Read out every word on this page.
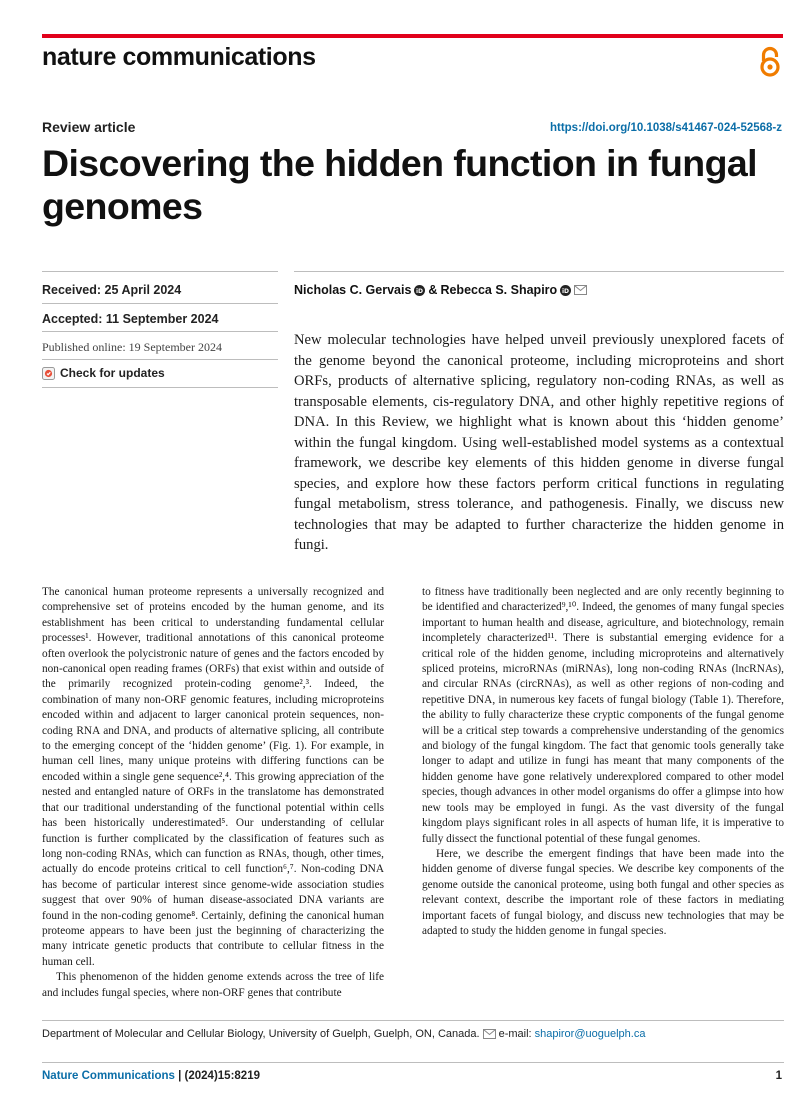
nature communications
Review article	https://doi.org/10.1038/s41467-024-52568-z
Discovering the hidden function in fungal genomes
Received: 25 April 2024
Accepted: 11 September 2024
Published online: 19 September 2024
Check for updates
Nicholas C. Gervais iD & Rebecca S. Shapiro iD

New molecular technologies have helped unveil previously unexplored facets of the genome beyond the canonical proteome, including microproteins and short ORFs, products of alternative splicing, regulatory non-coding RNAs, as well as transposable elements, cis-regulatory DNA, and other highly repetitive regions of DNA. In this Review, we highlight what is known about this ‘hidden genome’ within the fungal kingdom. Using well-established model systems as a contextual framework, we describe key elements of this hidden genome in diverse fungal species, and explore how these factors perform critical functions in regulating fungal metabolism, stress tolerance, and pathogenesis. Finally, we discuss new technologies that may be adapted to further characterize the hidden genome in fungi.

The canonical human proteome represents a universally recognized and comprehensive set of proteins encoded by the human genome, and its establishment has been critical to understanding fundamental cellular processes¹. However, traditional annotations of this canonical proteome often overlook the polycistronic nature of genes and the factors encoded by non-canonical open reading frames (ORFs) that exist within and outside of the primarily recognized protein-coding genome²,³. Indeed, the combination of many non-ORF genomic features, including microproteins encoded within and adjacent to larger canonical protein sequences, non-coding RNA and DNA, and products of alternative splicing, all contribute to the emerging concept of the ‘hidden genome’ (Fig. 1). For example, in human cell lines, many unique proteins with differing functions can be encoded within a single gene sequence²,⁴. This growing appreciation of the nested and entangled nature of ORFs in the translatome has demonstrated that our traditional understanding of the functional potential within cells has been historically underestimated⁵. Our understanding of cellular function is further complicated by the classification of features such as long non-coding RNAs, which can function as RNAs, though, other times, actually do encode proteins critical to cell function⁶,⁷. Non-coding DNA has become of particular interest since genome-wide association studies suggest that over 90% of human disease-associated DNA variants are found in the non-coding genome⁸. Certainly, defining the canonical human proteome appears to have been just the beginning of characterizing the many intricate genetic products that contribute to cellular fitness in the human cell.

This phenomenon of the hidden genome extends across the tree of life and includes fungal species, where non-ORF genes that contribute

to fitness have traditionally been neglected and are only recently beginning to be identified and characterized⁹,¹⁰. Indeed, the genomes of many fungal species important to human health and disease, agriculture, and biotechnology, remain incompletely characterized¹¹. There is substantial emerging evidence for a critical role of the hidden genome, including microproteins and alternatively spliced proteins, microRNAs (miRNAs), long non-coding RNAs (lncRNAs), and circular RNAs (circRNAs), as well as other regions of non-coding and repetitive DNA, in numerous key facets of fungal biology (Table 1). Therefore, the ability to fully characterize these cryptic components of the fungal genome will be a critical step towards a comprehensive understanding of the genomics and biology of the fungal kingdom. The fact that genomic tools generally take longer to adapt and utilize in fungi has meant that many components of the hidden genome have gone relatively underexplored compared to other model species, though advances in other model organisms do offer a glimpse into how new tools may be employed in fungi. As the vast diversity of the fungal kingdom plays significant roles in all aspects of human life, it is imperative to fully dissect the functional potential of these fungal genomes.

Here, we describe the emergent findings that have been made into the hidden genome of diverse fungal species. We describe key components of the genome outside the canonical proteome, using both fungal and other species as relevant context, describe the important role of these factors in mediating important facets of fungal biology, and discuss new technologies that may be adapted to study the hidden genome in fungal species.

Department of Molecular and Cellular Biology, University of Guelph, Guelph, ON, Canada. e-mail: shapiror@uoguelph.ca
Nature Communications | (2024)15:8219	1
